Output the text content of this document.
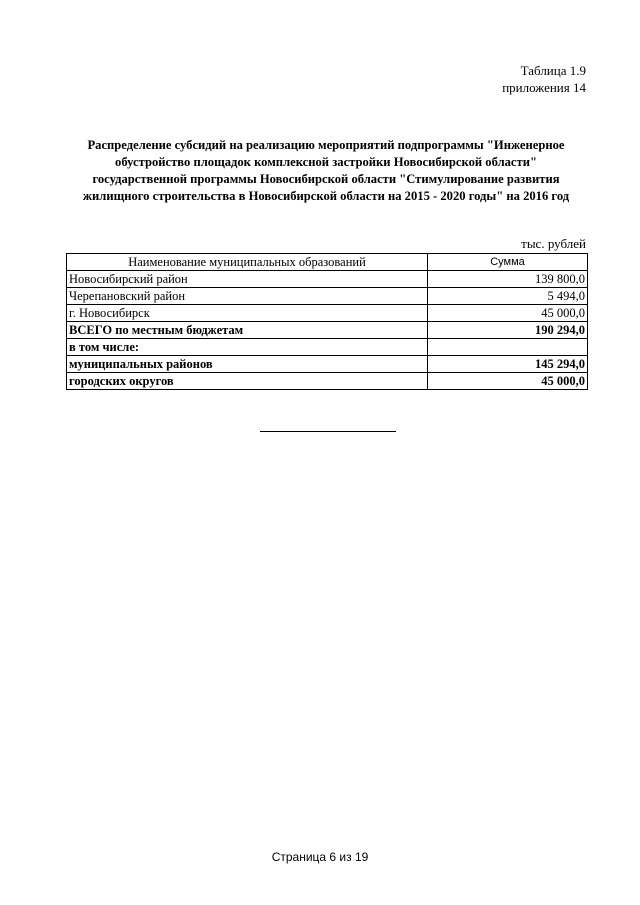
Таблица 1.9
приложения 14
Распределение субсидий на реализацию мероприятий подпрограммы "Инженерное
обустройство площадок комплексной застройки Новосибирской области"
государственной программы Новосибирской области "Стимулирование развития
жилищного строительства в Новосибирской области на 2015 - 2020 годы" на 2016 год
тыс. рублей
Наименование муниципальных образований	Сумма
Новосибирский район	139 800,0
Черепановский район	5 494,0
г. Новосибирск	45 000,0
ВСЕГО по местным бюджетам	190 294,0
в том числе:	
муниципальных районов	145 294,0
городских округов	45 000,0
Страница 6 из 19
